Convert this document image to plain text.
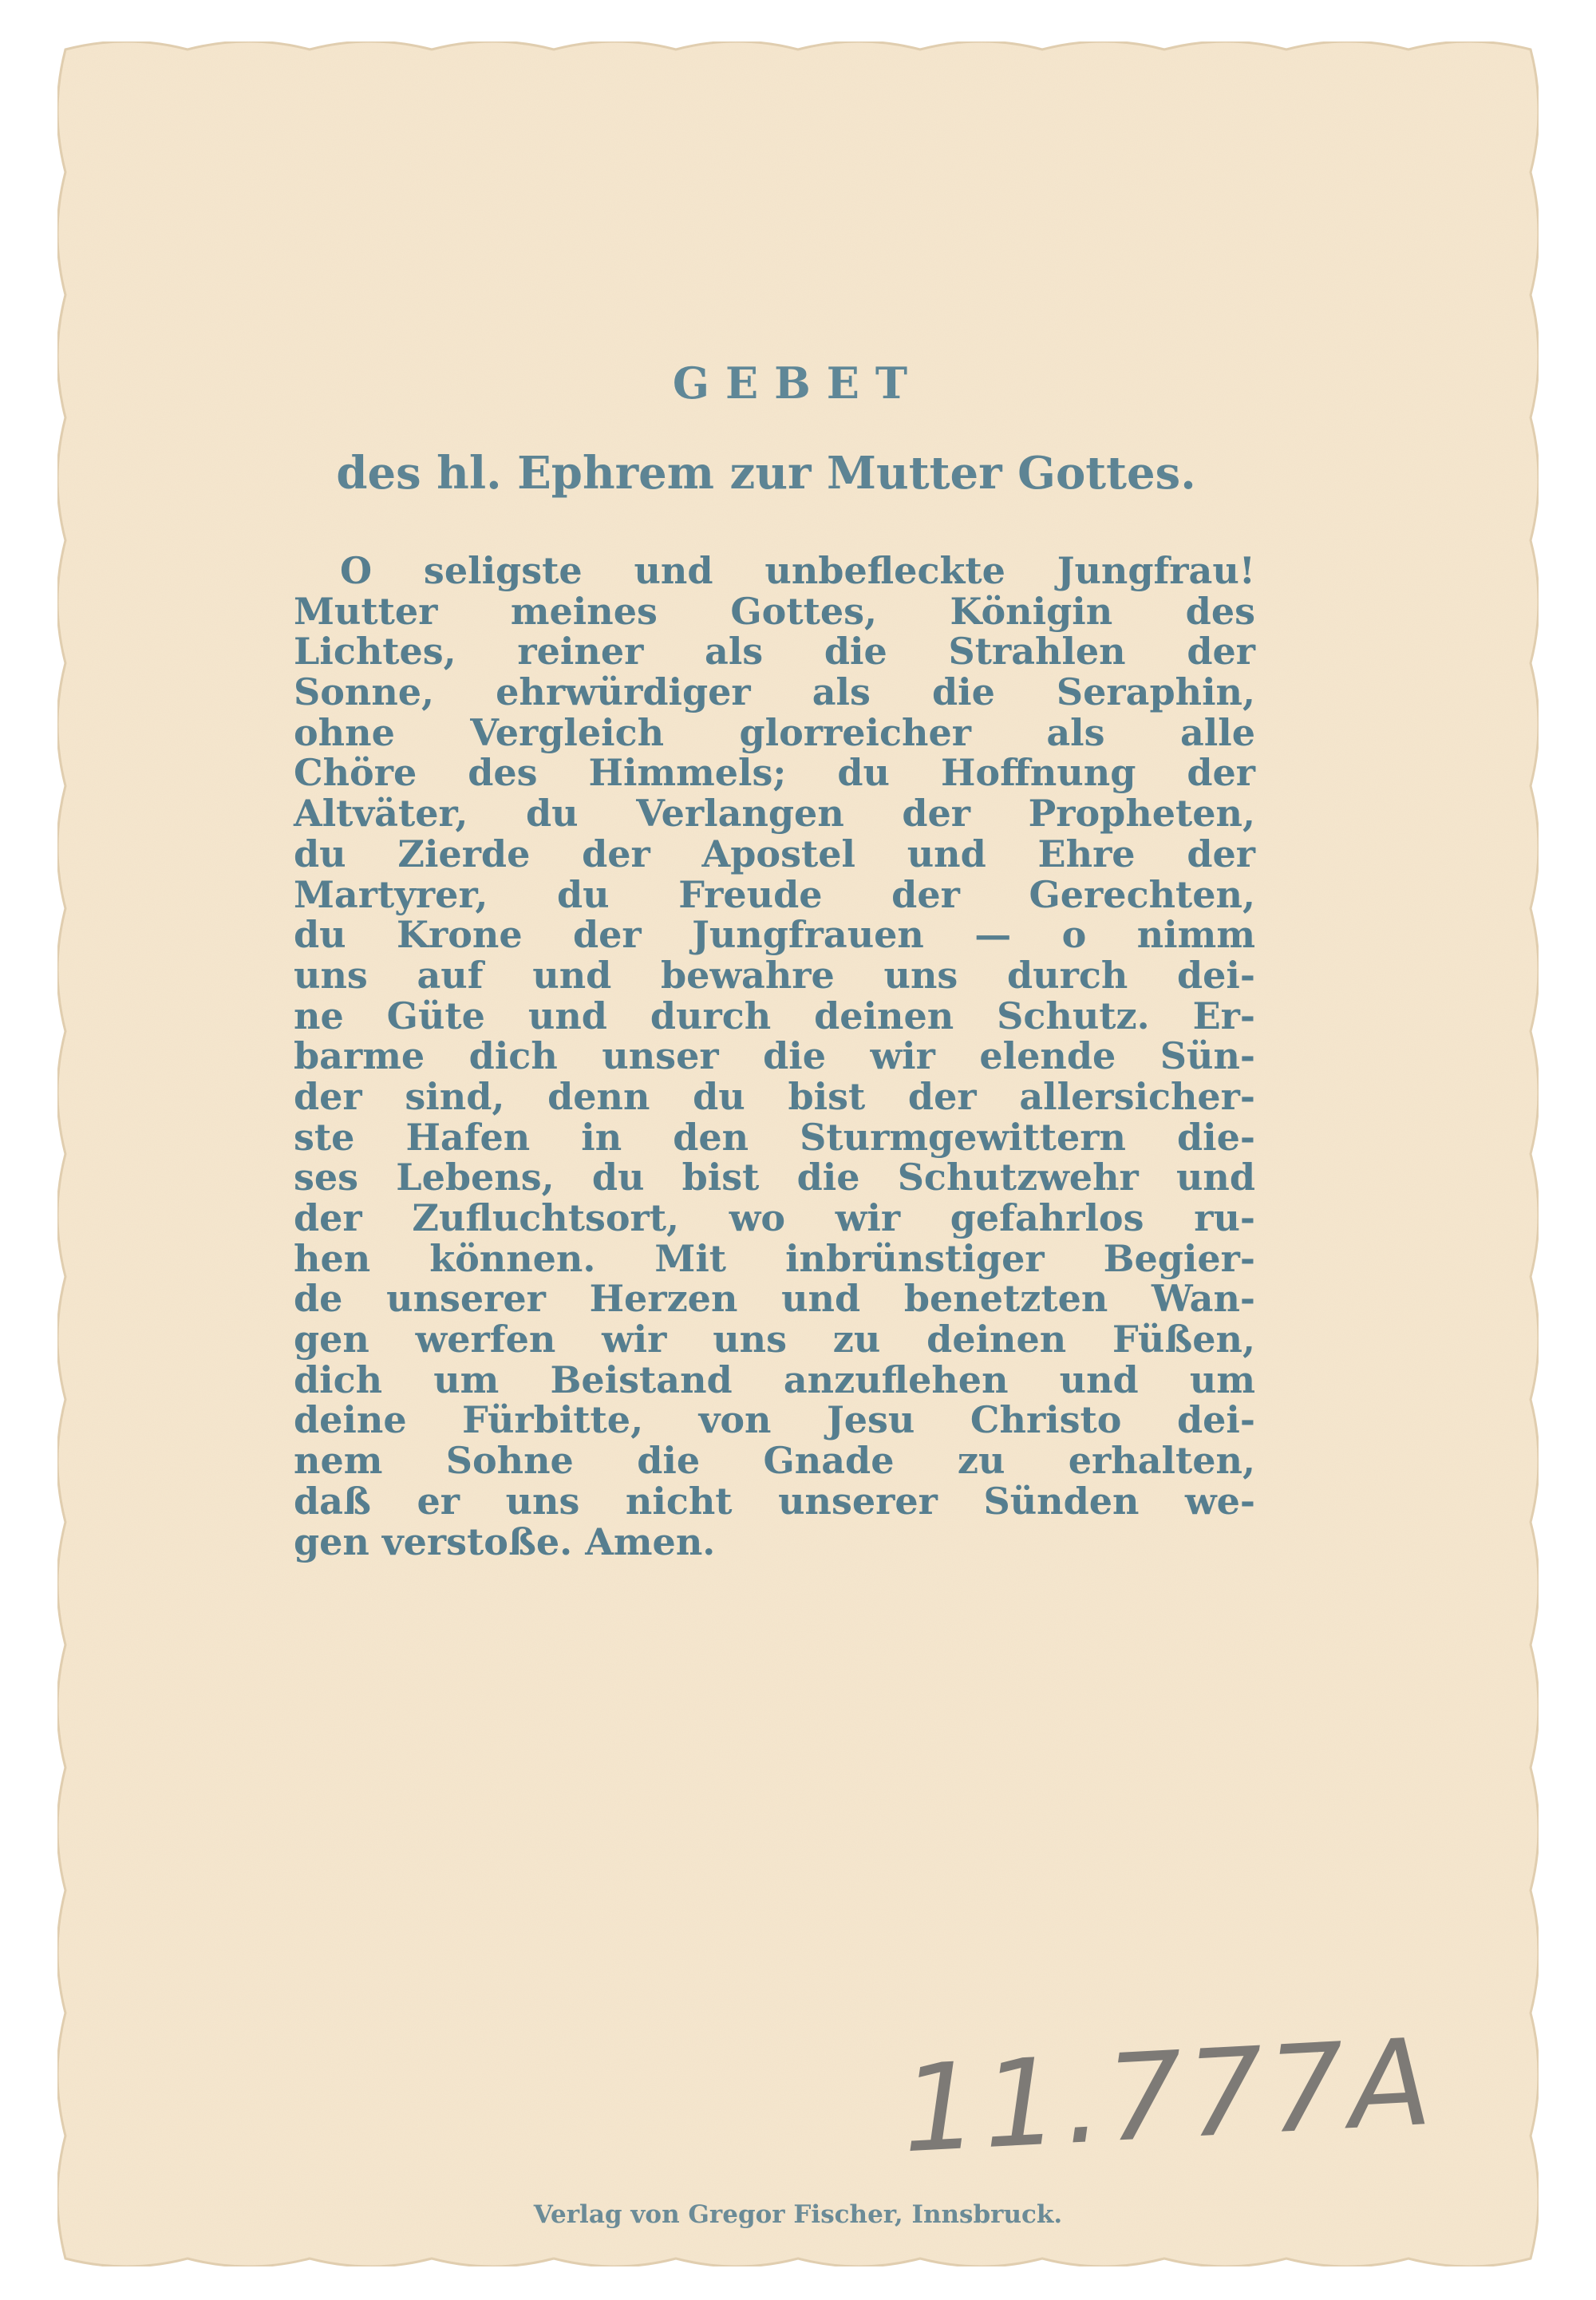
GEBET
des hl. Ephrem zur Mutter Gottes.
O seligste und unbefleckte Jungfrau!
Mutter meines Gottes, Königin des
Lichtes, reiner als die Strahlen der
Sonne, ehrwürdiger als die Seraphin,
ohne Vergleich glorreicher als alle
Chöre des Himmels; du Hoffnung der
Altväter, du Verlangen der Propheten,
du Zierde der Apostel und Ehre der
Martyrer, du Freude der Gerechten,
du Krone der Jungfrauen — o nimm
uns auf und bewahre uns durch dei-
ne Güte und durch deinen Schutz. Er-
barme dich unser die wir elende Sün-
der sind, denn du bist der allersicher-
ste Hafen in den Sturmgewittern die-
ses Lebens, du bist die Schutzwehr und
der Zufluchtsort, wo wir gefahrlos ru-
hen können. Mit inbrünstiger Begier-
de unserer Herzen und benetzten Wan-
gen werfen wir uns zu deinen Füßen,
dich um Beistand anzuflehen und um
deine Fürbitte, von Jesu Christo dei-
nem Sohne die Gnade zu erhalten,
daß er uns nicht unserer Sünden we-
gen verstoße. Amen.
11.777A
Verlag von Gregor Fischer, Innsbruck.
